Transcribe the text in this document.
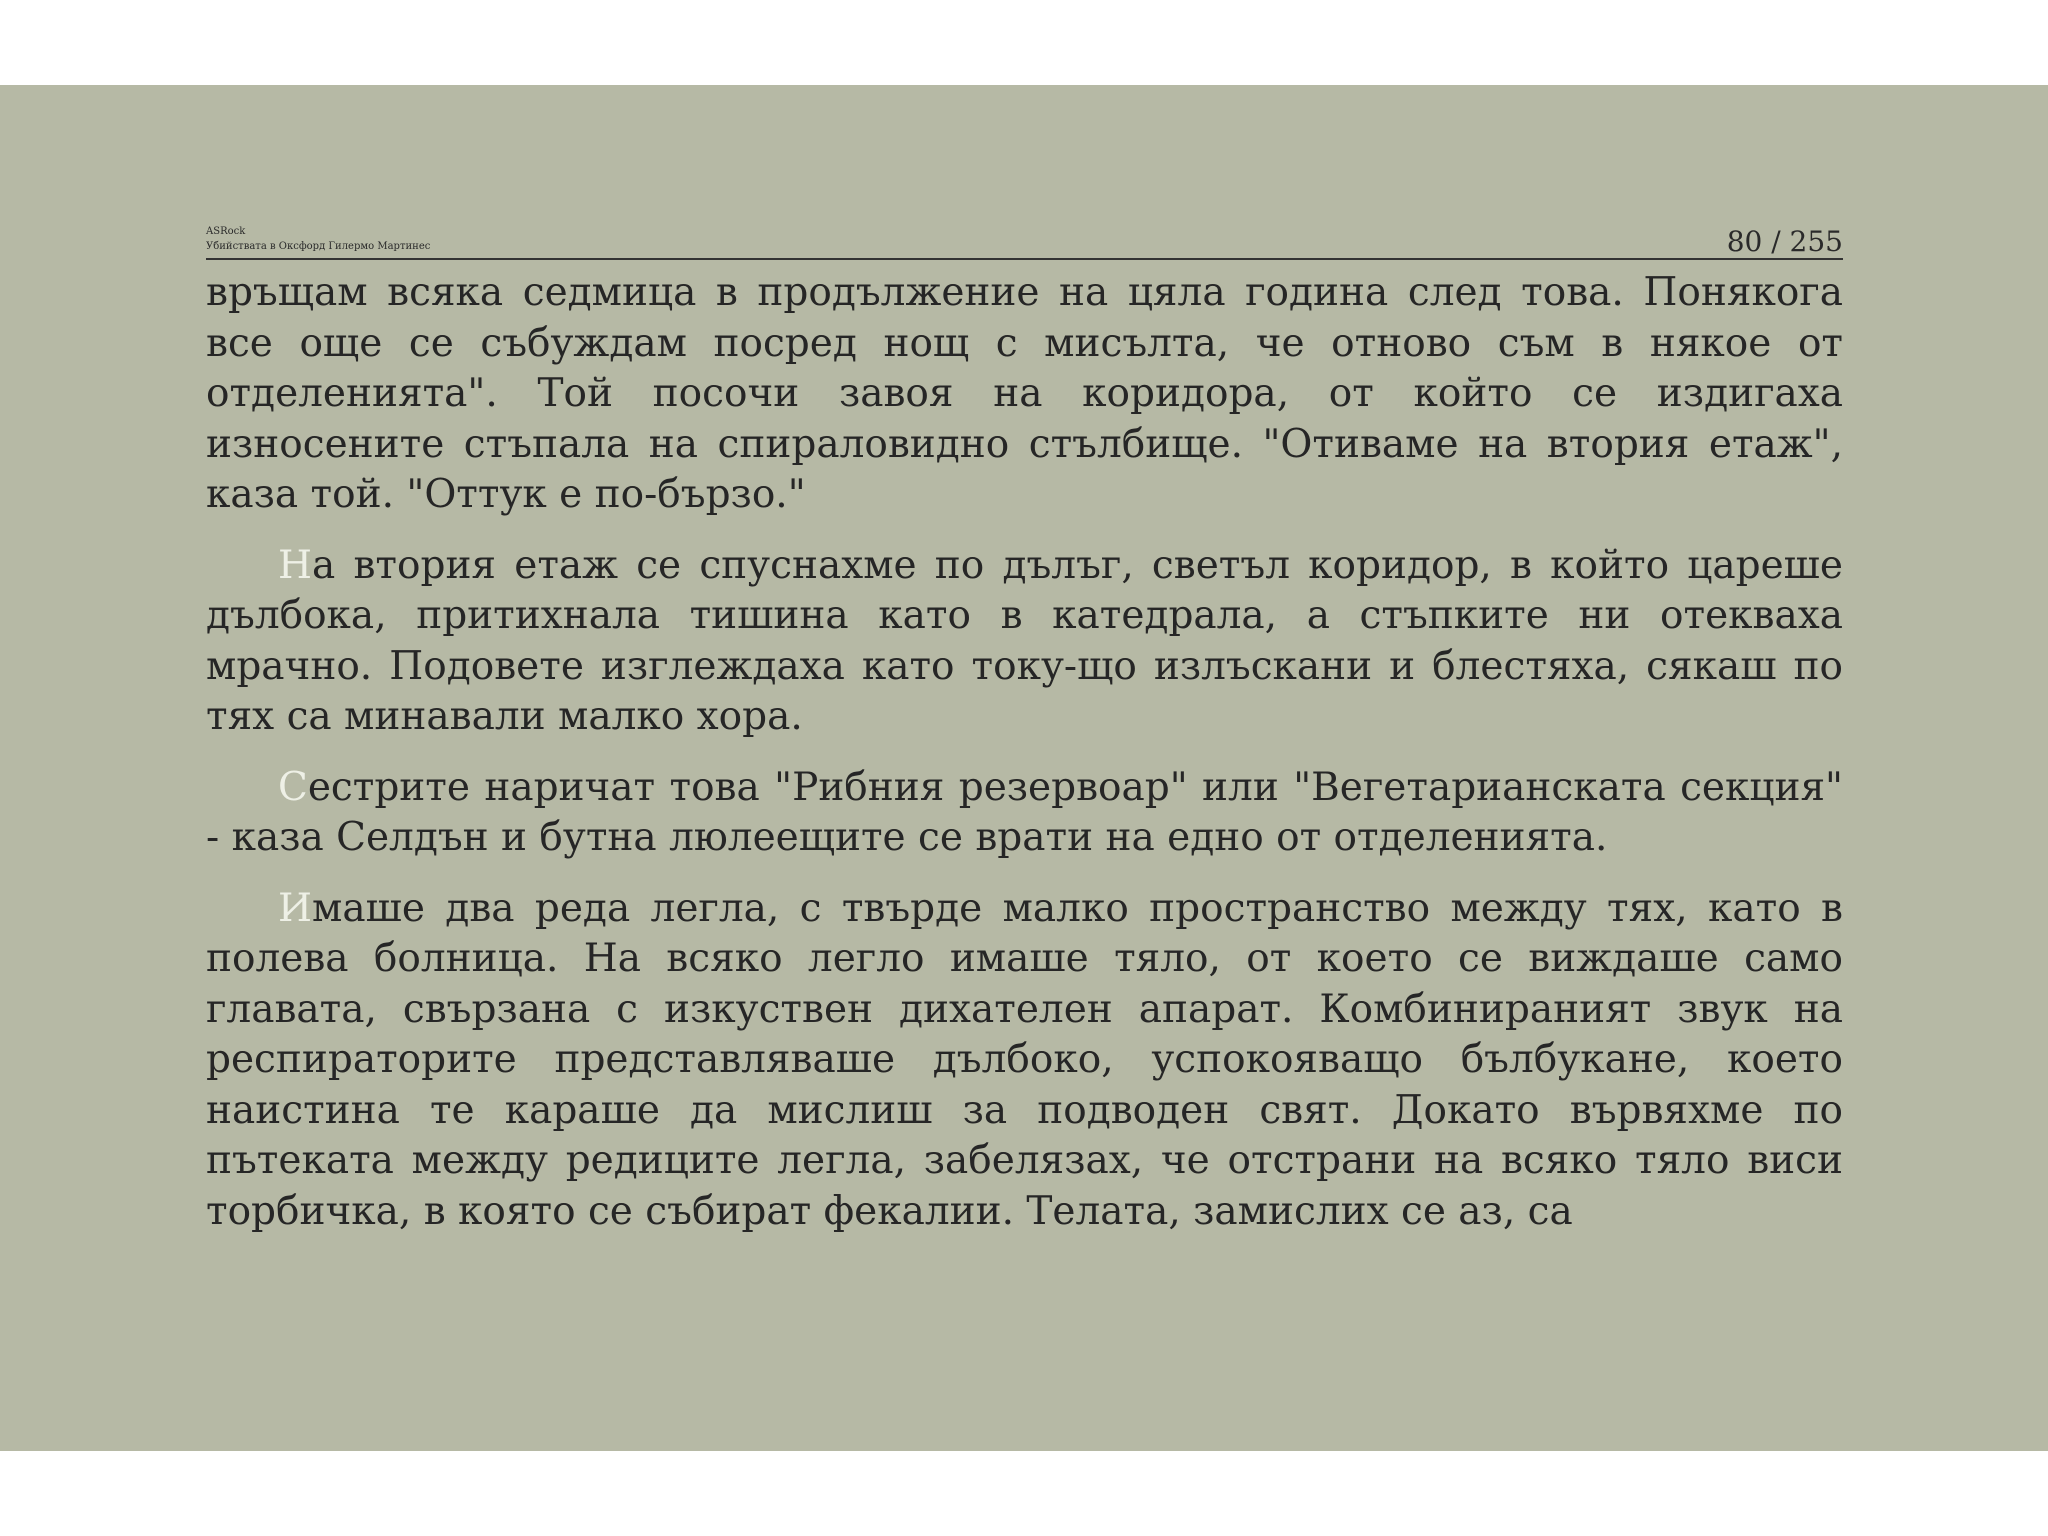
ASRock
Убийствата в Оксфорд Гилермо Мартинес	80 / 255

връщам всяка седмица в продължение на цяла година след това. Понякога все още се събуждам посред нощ с мисълта, че отново съм в някое от отделенията". Той посочи завоя на коридора, от който се издигаха износените стъпала на спираловидно стълбище. "Отиваме на втория етаж", каза той. "Оттук е по-бързо."

На втория етаж се спуснахме по дълъг, светъл коридор, в който цареше дълбока, притихнала тишина като в катедрала, а стъпките ни отекваха мрачно. Подовете изглеждаха като току-що излъскани и блестяха, сякаш по тях са минавали малко хора.

Сестрите наричат това "Рибния резервоар" или "Вегетарианската секция" - каза Селдън и бутна люлеещите се врати на едно от отделенията.

Имаше два реда легла, с твърде малко пространство между тях, като в полева болница. На всяко легло имаше тяло, от което се виждаше само главата, свързана с изкуствен дихателен апарат. Комбинираният звук на респираторите представляваше дълбоко, успокояващо бълбукане, което наистина те караше да мислиш за подводен свят. Докато вървяхме по пътеката между редиците легла, забелязах, че отстрани на всяко тяло виси торбичка, в която се събират фекалии. Телата, замислих се аз, са
